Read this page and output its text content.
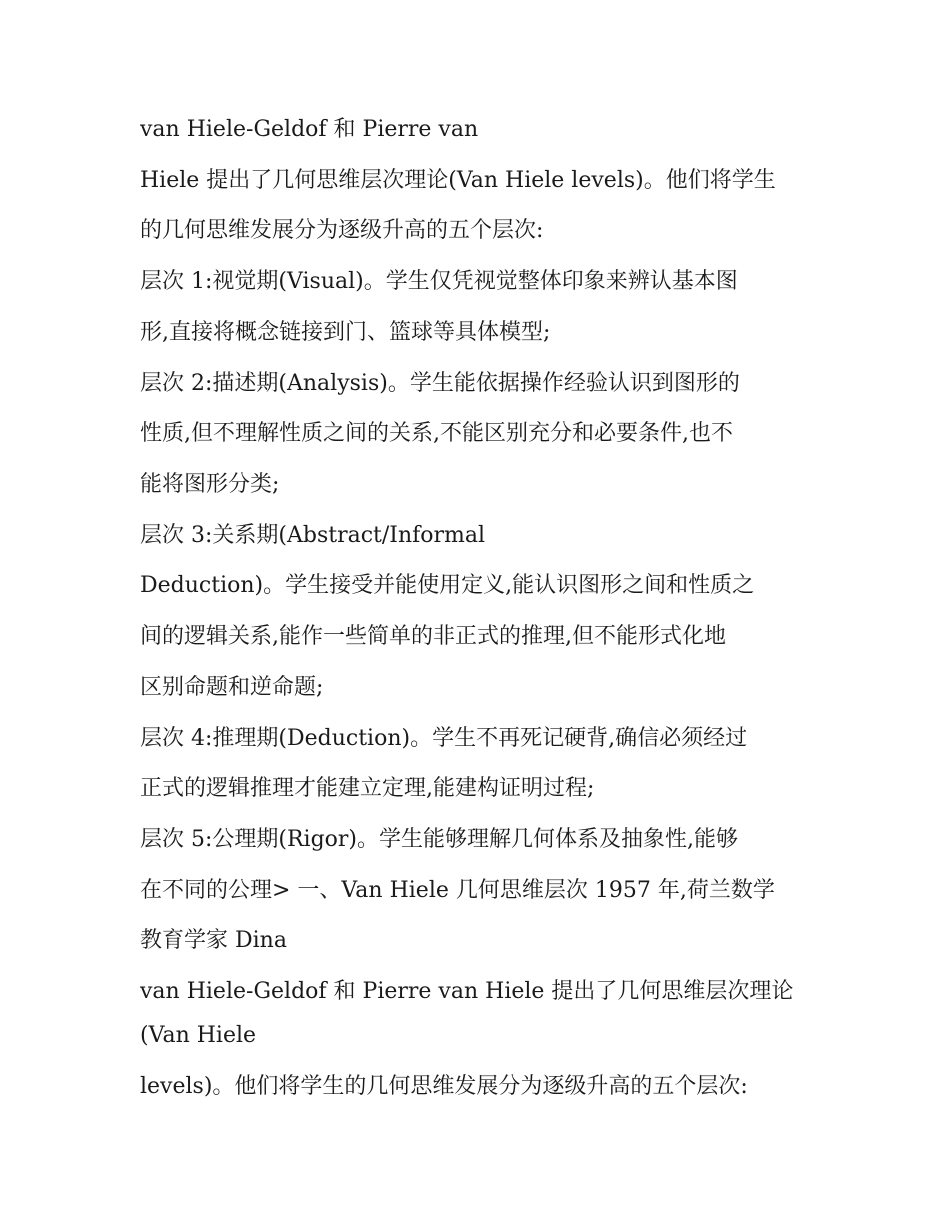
van Hiele-Geldof 和 Pierre van
Hiele 提出了几何思维层次理论(Van Hiele levels)。他们将学生
的几何思维发展分为逐级升高的五个层次:
层次 1:视觉期(Visual)。学生仅凭视觉整体印象来辨认基本图
形,直接将概念链接到门、篮球等具体模型;
层次 2:描述期(Analysis)。学生能依据操作经验认识到图形的
性质,但不理解性质之间的关系,不能区别充分和必要条件,也不
能将图形分类;
层次 3:关系期(Abstract/Informal
Deduction)。学生接受并能使用定义,能认识图形之间和性质之
间的逻辑关系,能作一些简单的非正式的推理,但不能形式化地
区别命题和逆命题;
层次 4:推理期(Deduction)。学生不再死记硬背,确信必须经过
正式的逻辑推理才能建立定理,能建构证明过程;
层次 5:公理期(Rigor)。学生能够理解几何体系及抽象性,能够
在不同的公理> 一、Van Hiele 几何思维层次 1957 年,荷兰数学
教育学家 Dina
van Hiele-Geldof 和 Pierre van Hiele 提出了几何思维层次理论
(Van Hiele
levels)。他们将学生的几何思维发展分为逐级升高的五个层次:
